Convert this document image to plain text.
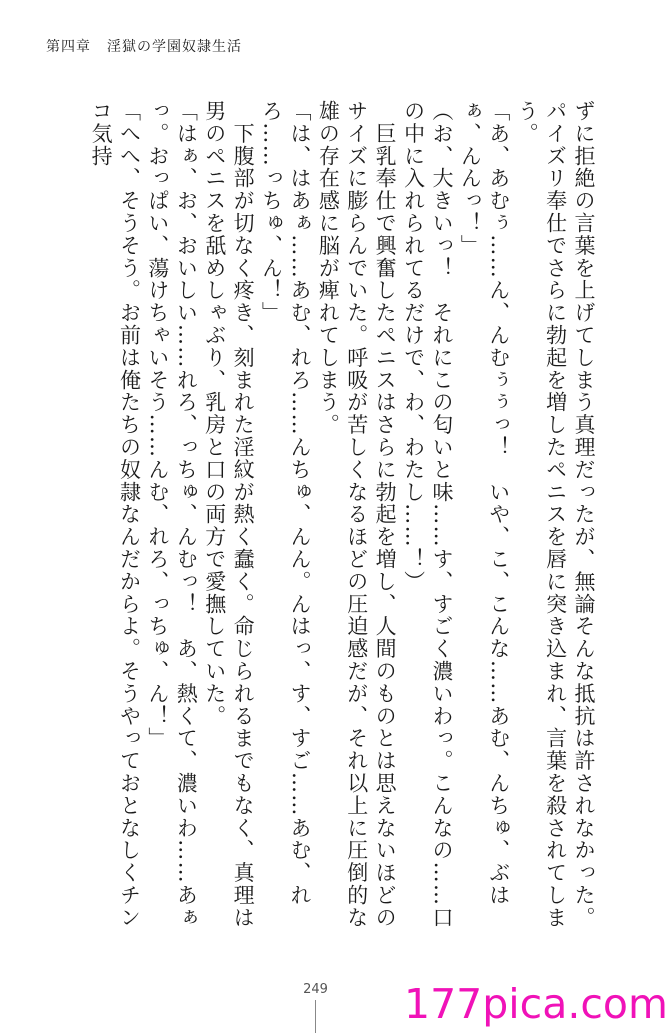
第四章 淫獄の学園奴隷生活

ずに拒絶の言葉を上げてしまう真理だったが、無論そんな抵抗は許されなかった。パイズリ奉仕でさらに勃起を増したペニスを唇に突き込まれ、言葉を殺されてしまう。

「あ、あむぅ……ん、んむぅぅっ！　いや、こ、こんな……あむ、んちゅ、ぶはぁ、んんっ！」

（お、大きいっ！　それにこの匂いと味……す、すごく濃いわっ。こんなの……口の中に入れられてるだけで、わ、わたし……！）

　巨乳奉仕で興奮したペニスはさらに勃起を増し、人間のものとは思えないほどのサイズに膨らんでいた。呼吸が苦しくなるほどの圧迫感だが、それ以上に圧倒的な雄の存在感に脳が痺れてしまう。

「は、はあぁ……あむ、れろ……んちゅ、んん。んはっ、す、すご……あむ、れろ……っちゅ、ん！」

　下腹部が切なく疼き、刻まれた淫紋が熱く蠢く。命じられるまでもなく、真理は男のペニスを舐めしゃぶり、乳房と口の両方で愛撫していた。

「はぁ、お、おいしい……れろ、っちゅ、んむっ！　あ、熱くて、濃いわ……あぁっ。おっぱい、蕩けちゃいそう……んむ、れろ、っちゅ、ん！」

「へへ、そうそう。お前は俺たちの奴隷なんだからよ。そうやっておとなしくチンコ気持

249	177pica.com
